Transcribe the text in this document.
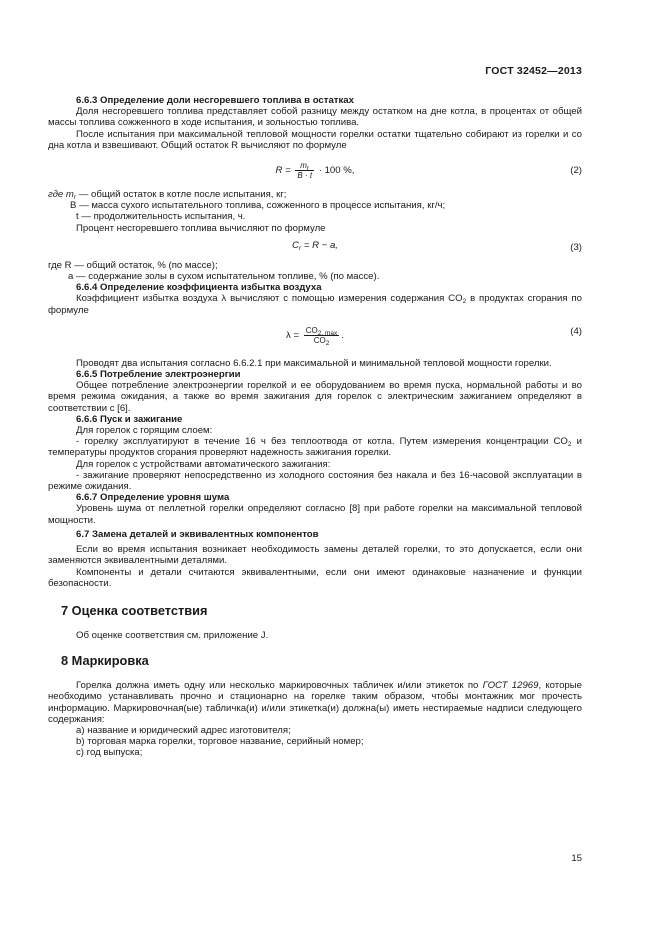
ГОСТ 32452—2013

6.6.3 Определение доли несгоревшего топлива в остатках

Доля несгоревшего топлива представляет собой разницу между остатком на дне котла, в процентах от общей массы топлива сожженного в ходе испытания, и зольностью топлива.

После испытания при максимальной тепловой мощности горелки остатки тщательно собирают из горелки и со дна котла и взвешивают. Общий остаток R вычисляют по формуле

$R = \frac{m_r}{B \cdot t} \cdot 100$ %,	(2)

где $m_r$ — общий остаток в котле после испытания, кг;

B — масса сухого испытательного топлива, сожженного в процессе испытания, кг/ч;

t — продолжительность испытания, ч.

Процент несгоревшего топлива вычисляют по формуле

$C_r = R - a$,	(3)

где R — общий остаток, % (по массе);

a — содержание золы в сухом испытательном топливе, % (по массе).

6.6.4 Определение коэффициента избытка воздуха

Коэффициент избытка воздуха λ вычисляют с помощью измерения содержания $CO_2$ в продуктах сгорания по формуле

$\lambda = \frac{CO_{2, max}}{CO_2}$ .	(4)

Проводят два испытания согласно 6.6.2.1 при максимальной и минимальной тепловой мощности горелки.

6.6.5 Потребление электроэнергии

Общее потребление электроэнергии горелкой и ее оборудованием во время пуска, нормальной работы и во время режима ожидания, а также во время зажигания для горелок с электрическим зажиганием определяют в соответствии с [6].

6.6.6 Пуск и зажигание

Для горелок с горящим слоем:

- горелку эксплуатируют в течение 16 ч без теплоотвода от котла. Путем измерения концентрации $CO_2$ и температуры продуктов сгорания проверяют надежность зажигания горелки.

Для горелок с устройствами автоматического зажигания:

- зажигание проверяют непосредственно из холодного состояния без накала и без 16-часовой эксплуатации в режиме ожидания.

6.6.7 Определение уровня шума

Уровень шума от пеллетной горелки определяют согласно [8] при работе горелки на максимальной тепловой мощности.

6.7 Замена деталей и эквивалентных компонентов

Если во время испытания возникает необходимость замены деталей горелки, то это допускается, если они заменяются эквивалентными деталями.

Компоненты и детали считаются эквивалентными, если они имеют одинаковые назначение и функции безопасности.

7 Оценка соответствия

Об оценке соответствия см. приложение J.

8 Маркировка

Горелка должна иметь одну или несколько маркировочных табличек и/или этикеток по ГОСТ 12969, которые необходимо устанавливать прочно и стационарно на горелке таким образом, чтобы монтажник мог прочесть информацию. Маркировочная(ые) табличка(и) и/или этикетка(и) должна(ы) иметь нестираемые надписи следующего содержания:

a) название и юридический адрес изготовителя;

b) торговая марка горелки, торговое название, серийный номер;

c) год выпуска;

15
